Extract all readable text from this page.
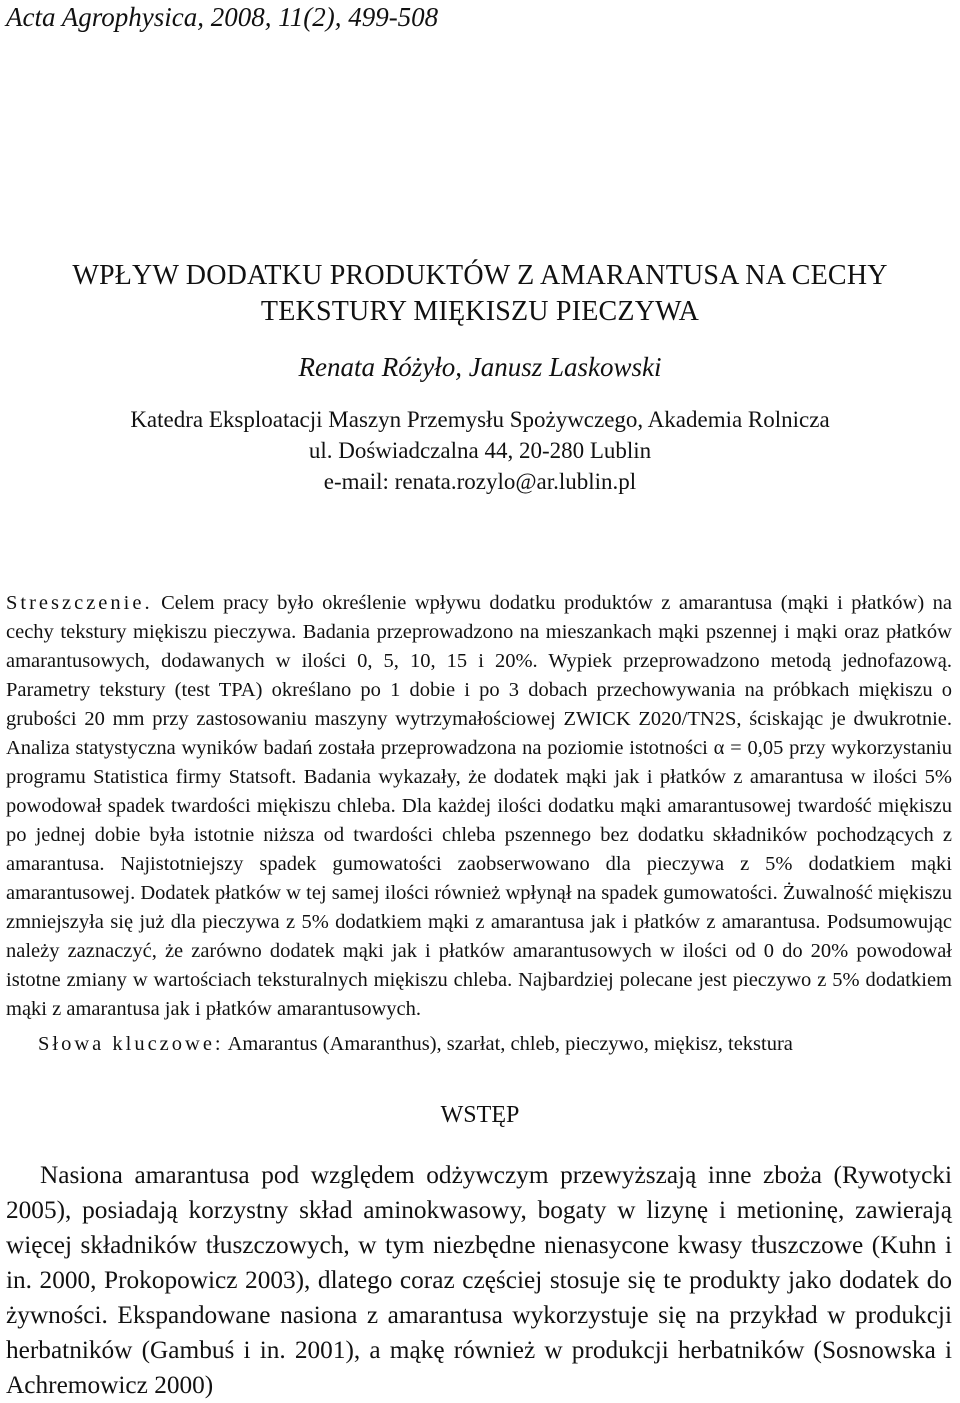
Acta Agrophysica, 2008, 11(2), 499-508
WPŁYW DODATKU PRODUKTÓW Z AMARANTUSA NA CECHY
TEKSTURY MIĘKISZU PIECZYWA
Renata Różyło, Janusz Laskowski
Katedra Eksploatacji Maszyn Przemysłu Spożywczego, Akademia Rolnicza
ul. Doświadczalna 44, 20-280 Lublin
e-mail: renata.rozylo@ar.lublin.pl
Streszczenie. Celem pracy było określenie wpływu dodatku produktów z amarantusa (mąki i płatków) na cechy tekstury miękiszu pieczywa. Badania przeprowadzono na mieszankach mąki pszennej i mąki oraz płatków amarantusowych, dodawanych w ilości 0, 5, 10, 15 i 20%. Wypiek przeprowadzono metodą jednofazową. Parametry tekstury (test TPA) określano po 1 dobie i po 3 dobach przechowywania na próbkach miękiszu o grubości 20 mm przy zastosowaniu maszyny wytrzymałościowej ZWICK Z020/TN2S, ściskając je dwukrotnie. Analiza statystyczna wyników badań została przeprowadzona na poziomie istotności α = 0,05 przy wykorzystaniu programu Statistica firmy Statsoft. Badania wykazały, że dodatek mąki jak i płatków z amarantusa w ilości 5% powodował spadek twardości miękiszu chleba. Dla każdej ilości dodatku mąki amarantusowej twardość miękiszu po jednej dobie była istotnie niższa od twardości chleba pszennego bez dodatku składników pochodzących z amarantusa. Najistotniejszy spadek gumowatości zaobserwowano dla pieczywa z 5% dodatkiem mąki amarantusowej. Dodatek płatków w tej samej ilości również wpłynął na spadek gumowatości. Żuwalność miękiszu zmniejszyła się już dla pieczywa z 5% dodatkiem mąki z amarantusa jak i płatków z amarantusa. Podsumowując należy zaznaczyć, że zarówno dodatek mąki jak i płatków amarantusowych w ilości od 0 do 20% powodował istotne zmiany w wartościach teksturalnych miękiszu chleba. Najbardziej polecane jest pieczywo z 5% dodatkiem mąki z amarantusa jak i płatków amarantusowych.
Słowa kluczowe: Amarantus (Amaranthus), szarłat, chleb, pieczywo, miękisz, tekstura
WSTĘP
Nasiona amarantusa pod względem odżywczym przewyższają inne zboża (Rywotycki 2005), posiadają korzystny skład aminokwasowy, bogaty w lizynę i metioninę, zawierają więcej składników tłuszczowych, w tym niezbędne nienasycone kwasy tłuszczowe (Kuhn i in. 2000, Prokopowicz 2003), dlatego coraz częściej stosuje się te produkty jako dodatek do żywności. Ekspandowane nasiona z amarantusa wykorzystuje się na przykład w produkcji herbatników (Gambuś i in. 2001), a mąkę również w produkcji herbatników (Sosnowska i Achremowicz 2000)
